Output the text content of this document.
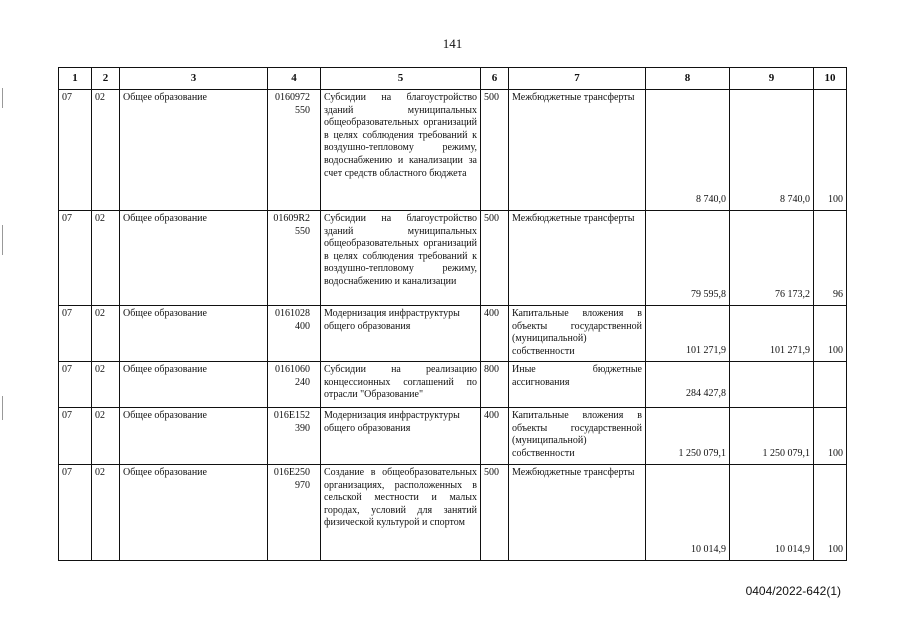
141
1	2	3	4	5	6	7	8	9	10
07	02	Общее образование	0160972 550	Субсидии на благоустройство зданий муниципальных общеобразовательных организаций в целях соблюдения требований к воздушно-тепловому режиму, водоснабжению и канализации за счет средств областного бюджета	500	Межбюджетные трансферты	8 740,0	8 740,0	100
07	02	Общее образование	01609R2 550	Субсидии на благоустройство зданий муниципальных общеобразовательных организаций в целях соблюдения требований к воздушно-тепловому режиму, водоснабжению и канализации	500	Межбюджетные трансферты	79 595,8	76 173,2	96
07	02	Общее образование	0161028 400	Модернизация инфраструктуры общего образования	400	Капитальные вложения в объекты государственной (муниципальной) собственности	101 271,9	101 271,9	100
07	02	Общее образование	0161060 240	Субсидии на реализацию концессионных соглашений по отрасли "Образование"	800	Иные бюджетные ассигнования	284 427,8		
07	02	Общее образование	016E152 390	Модернизация инфраструктуры общего образования	400	Капитальные вложения в объекты государственной (муниципальной) собственности	1 250 079,1	1 250 079,1	100
07	02	Общее образование	016E250 970	Создание в общеобразовательных организациях, расположенных в сельской местности и малых городах, условий для занятий физической культурой и спортом	500	Межбюджетные трансферты	10 014,9	10 014,9	100
0404/2022-642(1)
